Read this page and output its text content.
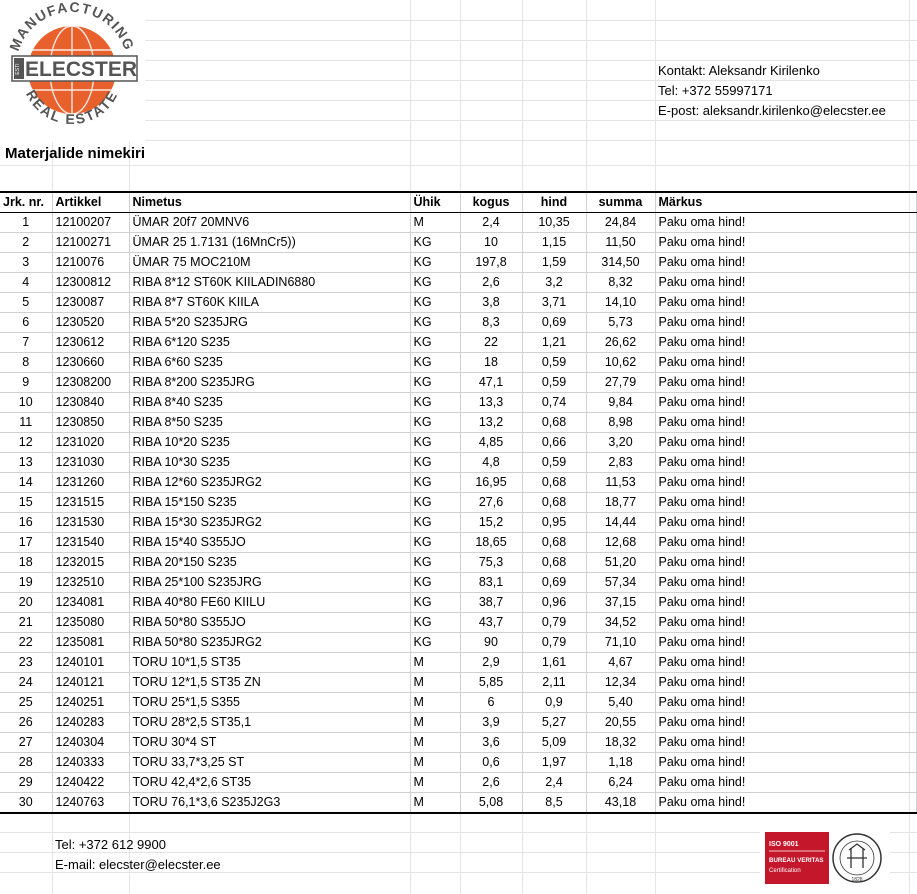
MANUFACTURING
REAL ESTATE
ESTI ELECSTER	Kontakt: Aleksandr Kirilenko
Tel: +372 55997171
E-post: aleksandr.kirilenko@elecster.ee
Materjalide nimekiri
Jrk. nr.	Artikkel	Nimetus	Ühik	kogus	hind	summa	Märkus
1	12100207	ÜMAR 20f7 20MNV6	M	2,4	10,35	24,84	Paku oma hind!
2	12100271	ÜMAR 25 1.7131 (16MnCr5))	KG	10	1,15	11,50	Paku oma hind!
3	1210076	ÜMAR 75 MOC210M	KG	197,8	1,59	314,50	Paku oma hind!
4	12300812	RIBA 8*12 ST60K KIILADIN6880	KG	2,6	3,2	8,32	Paku oma hind!
5	1230087	RIBA 8*7 ST60K KIILA	KG	3,8	3,71	14,10	Paku oma hind!
6	1230520	RIBA 5*20 S235JRG	KG	8,3	0,69	5,73	Paku oma hind!
7	1230612	RIBA 6*120 S235	KG	22	1,21	26,62	Paku oma hind!
8	1230660	RIBA 6*60 S235	KG	18	0,59	10,62	Paku oma hind!
9	12308200	RIBA 8*200 S235JRG	KG	47,1	0,59	27,79	Paku oma hind!
10	1230840	RIBA 8*40 S235	KG	13,3	0,74	9,84	Paku oma hind!
11	1230850	RIBA 8*50 S235	KG	13,2	0,68	8,98	Paku oma hind!
12	1231020	RIBA 10*20 S235	KG	4,85	0,66	3,20	Paku oma hind!
13	1231030	RIBA 10*30 S235	KG	4,8	0,59	2,83	Paku oma hind!
14	1231260	RIBA 12*60 S235JRG2	KG	16,95	0,68	11,53	Paku oma hind!
15	1231515	RIBA 15*150 S235	KG	27,6	0,68	18,77	Paku oma hind!
16	1231530	RIBA 15*30 S235JRG2	KG	15,2	0,95	14,44	Paku oma hind!
17	1231540	RIBA 15*40 S355JO	KG	18,65	0,68	12,68	Paku oma hind!
18	1232015	RIBA 20*150 S235	KG	75,3	0,68	51,20	Paku oma hind!
19	1232510	RIBA 25*100 S235JRG	KG	83,1	0,69	57,34	Paku oma hind!
20	1234081	RIBA 40*80 FE60 KIILU	KG	38,7	0,96	37,15	Paku oma hind!
21	1235080	RIBA 50*80 S355JO	KG	43,7	0,79	34,52	Paku oma hind!
22	1235081	RIBA 50*80 S235JRG2	KG	90	0,79	71,10	Paku oma hind!
23	1240101	TORU 10*1,5 ST35	M	2,9	1,61	4,67	Paku oma hind!
24	1240121	TORU 12*1,5 ST35 ZN	M	5,85	2,11	12,34	Paku oma hind!
25	1240251	TORU 25*1,5 S355	M	6	0,9	5,40	Paku oma hind!
26	1240283	TORU 28*2,5 ST35,1	M	3,9	5,27	20,55	Paku oma hind!
27	1240304	TORU 30*4 ST	M	3,6	5,09	18,32	Paku oma hind!
28	1240333	TORU 33,7*3,25 ST	M	0,6	1,97	1,18	Paku oma hind!
29	1240422	TORU 42,4*2,6 ST35	M	2,6	2,4	6,24	Paku oma hind!
30	1240763	TORU 76,1*3,6 S235J2G3	M	5,08	8,5	43,18	Paku oma hind!
Tel: +372 612 9900
E-mail: elecster@elecster.ee
ISO 9001
BUREAU VERITAS
Certification
1828
